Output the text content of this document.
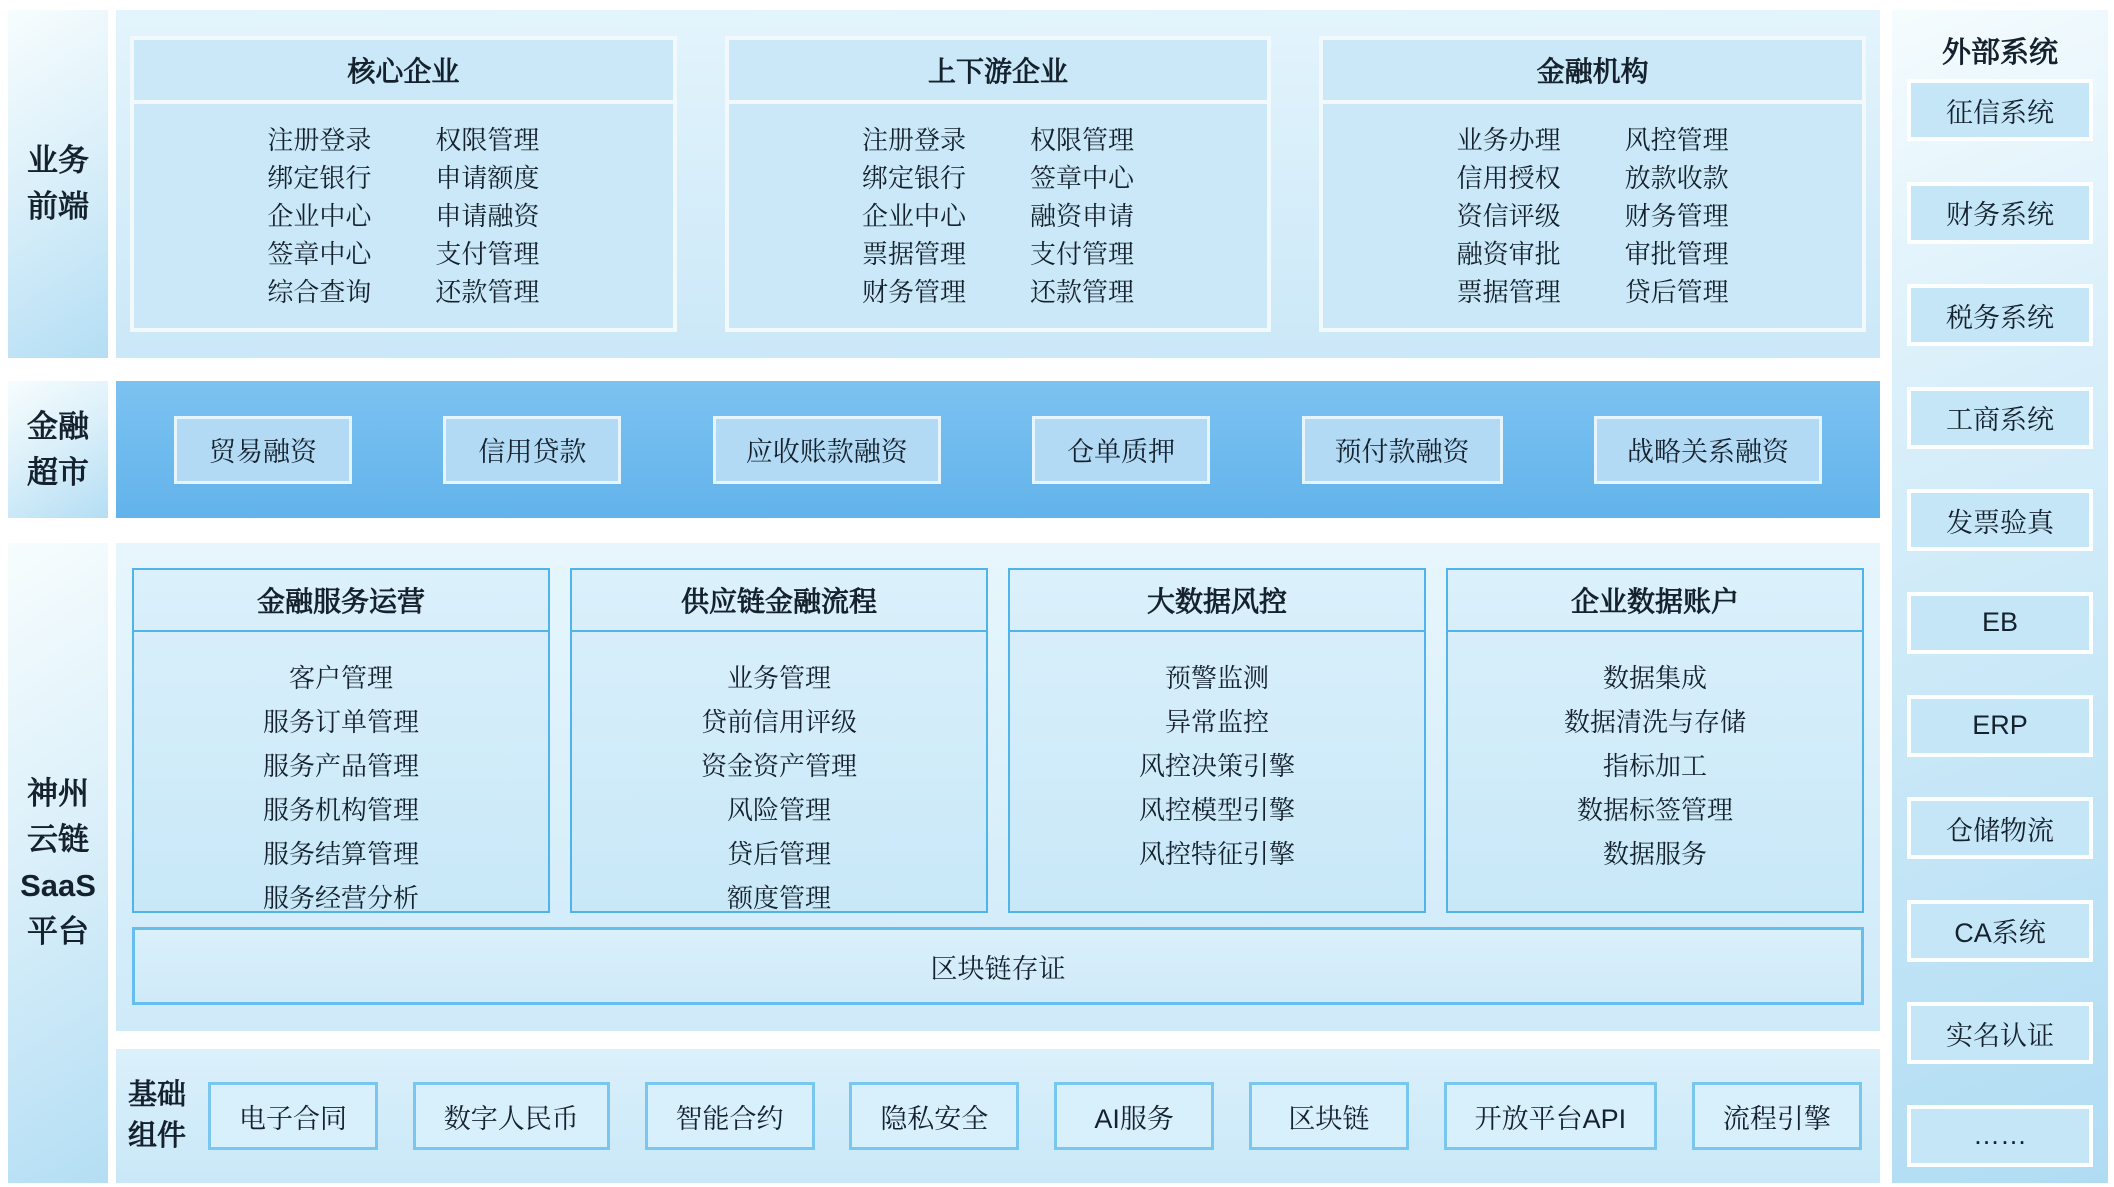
业务
前端
金融
超市
神州
云链
SaaS
平台
核心企业
注册登录
绑定银行
企业中心
签章中心
综合查询
权限管理
申请额度
申请融资
支付管理
还款管理
上下游企业
注册登录
绑定银行
企业中心
票据管理
财务管理
权限管理
签章中心
融资申请
支付管理
还款管理
金融机构
业务办理
信用授权
资信评级
融资审批
票据管理
风控管理
放款收款
财务管理
审批管理
贷后管理
贸易融资	信用贷款	应收账款融资	仓单质押	预付款融资	战略关系融资
金融服务运营
客户管理
服务订单管理
服务产品管理
服务机构管理
服务结算管理
服务经营分析
供应链金融流程
业务管理
贷前信用评级
资金资产管理
风险管理
贷后管理
额度管理
大数据风控
预警监测
异常监控
风控决策引擎
风控模型引擎
风控特征引擎
企业数据账户
数据集成
数据清洗与存储
指标加工
数据标签管理
数据服务
区块链存证
基础
组件
电子合同	数字人民币	智能合约	隐私安全	AI服务	区块链	开放平台API	流程引擎
外部系统
征信系统
财务系统
税务系统
工商系统
发票验真
EB
ERP
仓储物流
CA系统
实名认证
……
